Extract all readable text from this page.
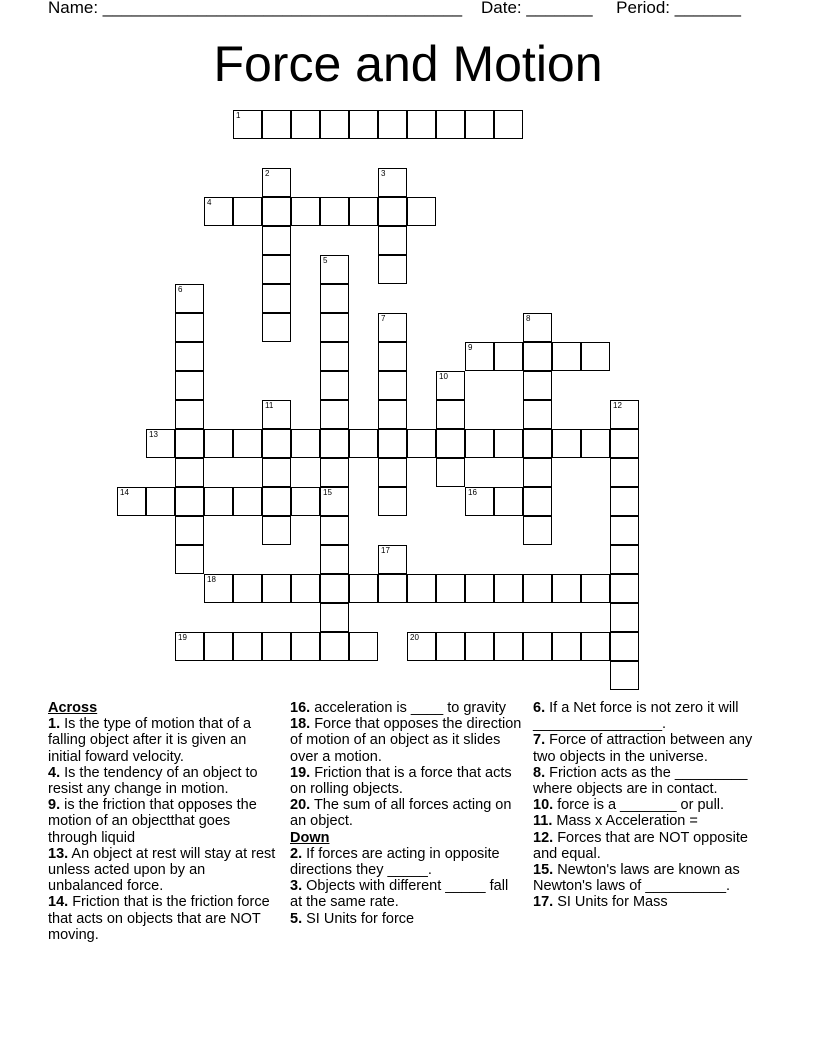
Name: ______________________________________ Date: _______ Period: _______
Force and Motion
1
2	3
4
5
15
6
7	8
9
10
11	12
13
14	16
17
18
19	20
Across
1. Is the type of motion that of a falling object after it is given an initial foward velocity.
4. Is the tendency of an object to resist any change in motion.
9. is the friction that opposes the motion of an objectthat goes through liquid
13. An object at rest will stay at rest unless acted upon by an unbalanced force.
14. Friction that is the friction force that acts on objects that are NOT moving.
16. acceleration is ____ to gravity
18. Force that opposes the direction of motion of an object as it slides over a motion.
19. Friction that is a force that acts on rolling objects.
20. The sum of all forces acting on an object.
Down
2. If forces are acting in opposite directions they _____.
3. Objects with different _____ fall at the same rate.
5. SI Units for force
6. If a Net force is not zero it will ________________.
7. Force of attraction between any two objects in the universe.
8. Friction acts as the _________ where objects are in contact.
10. force is a _______ or pull.
11. Mass x Acceleration =
12. Forces that are NOT opposite and equal.
15. Newton's laws are known as Newton's laws of __________.
17. SI Units for Mass
